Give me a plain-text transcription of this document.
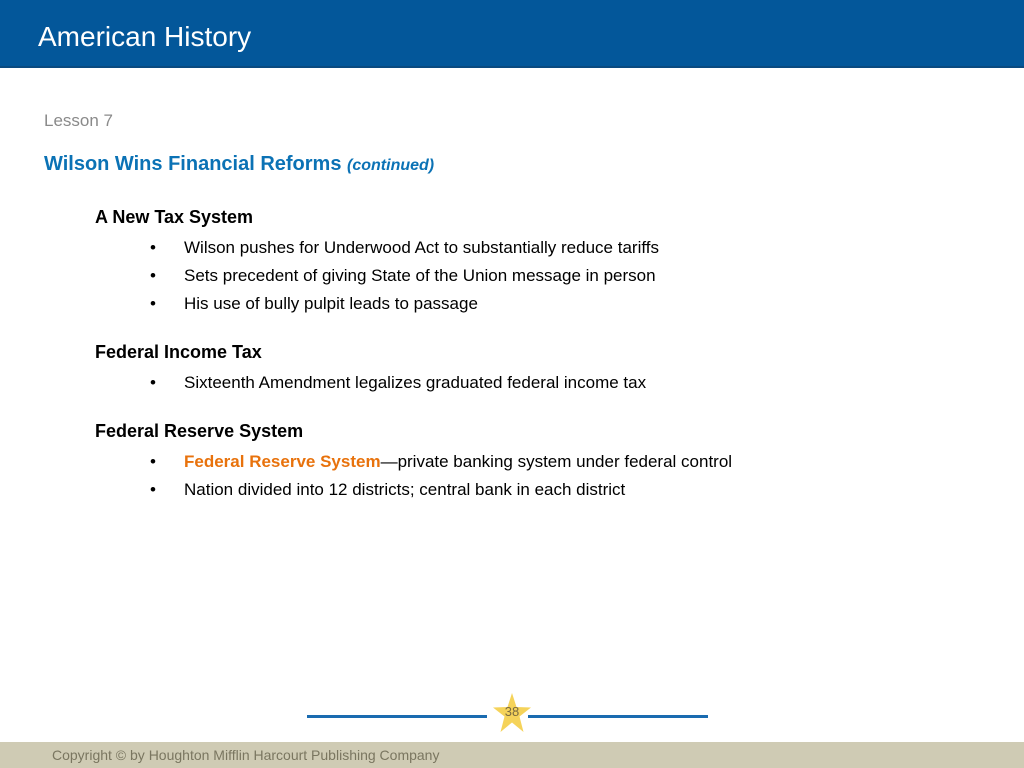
American History
Lesson 7
Wilson Wins Financial Reforms (continued)
A New Tax System
• Wilson pushes for Underwood Act to substantially reduce tariffs
• Sets precedent of giving State of the Union message in person
• His use of bully pulpit leads to passage
Federal Income Tax
• Sixteenth Amendment legalizes graduated federal income tax
Federal Reserve System
• Federal Reserve System—private banking system under federal control
• Nation divided into 12 districts; central bank in each district
38
Copyright © by Houghton Mifflin Harcourt Publishing Company
